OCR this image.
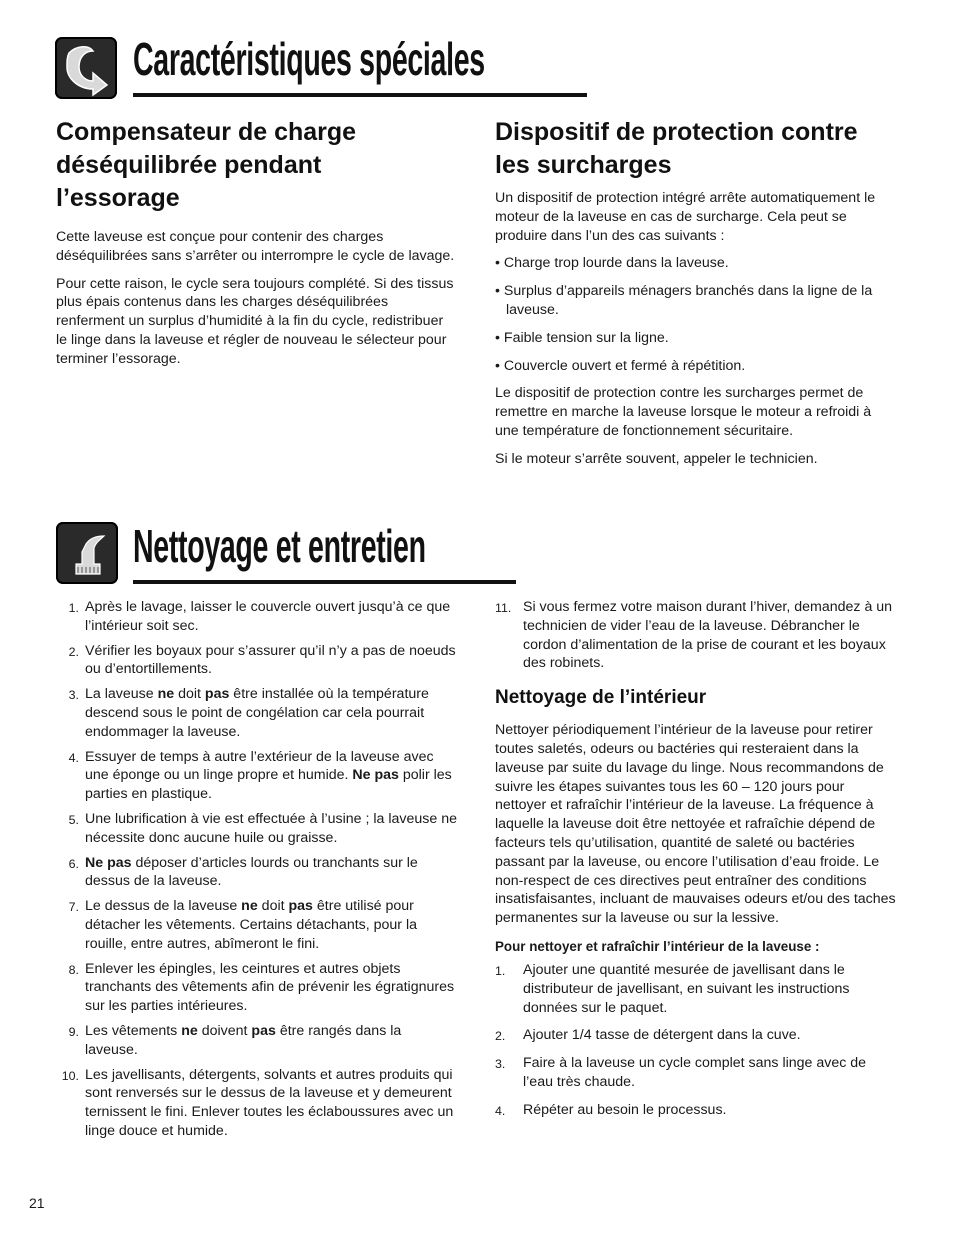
Caractéristiques spéciales
Compensateur de charge
déséquilibrée pendant
l’essorage

Cette laveuse est conçue pour contenir des charges déséquilibrées sans s’arrêter ou interrompre le cycle de lavage.

Pour cette raison, le cycle sera toujours complété. Si des tissus plus épais contenus dans les charges déséquilibrées renferment un surplus d’humidité à la fin du cycle, redistribuer le linge dans la laveuse et régler de nouveau le sélecteur pour terminer l’essorage.

Dispositif de protection contre
les surcharges

Un dispositif de protection intégré arrête automatiquement le moteur de la laveuse en cas de surcharge. Cela peut se produire dans l’un des cas suivants :

• Charge trop lourde dans la laveuse.
• Surplus d’appareils ménagers branchés dans la ligne de la laveuse.
• Faible tension sur la ligne.
• Couvercle ouvert et fermé à répétition.

Le dispositif de protection contre les surcharges permet de remettre en marche la laveuse lorsque le moteur a refroidi à une température de fonctionnement sécuritaire.

Si le moteur s’arrête souvent, appeler le technicien.

Nettoyage et entretien
1. Après le lavage, laisser le couvercle ouvert jusqu’à ce que l’intérieur soit sec.
2. Vérifier les boyaux pour s’assurer qu’il n’y a pas de noeuds ou d’entortillements.
3. La laveuse ne doit pas être installée où la température descend sous le point de congélation car cela pourrait endommager la laveuse.
4. Essuyer de temps à autre l’extérieur de la laveuse avec une éponge ou un linge propre et humide. Ne pas polir les parties en plastique.
5. Une lubrification à vie est effectuée à l’usine ; la laveuse ne nécessite donc aucune huile ou graisse.
6. Ne pas déposer d’articles lourds ou tranchants sur le dessus de la laveuse.
7. Le dessus de la laveuse ne doit pas être utilisé pour détacher les vêtements. Certains détachants, pour la rouille, entre autres, abîmeront le fini.
8. Enlever les épingles, les ceintures et autres objets tranchants des vêtements afin de prévenir les égratignures sur les parties intérieures.
9. Les vêtements ne doivent pas être rangés dans la laveuse.
10. Les javellisants, détergents, solvants et autres produits qui sont renversés sur le dessus de la laveuse et y demeurent ternissent le fini. Enlever toutes les éclaboussures avec un linge douce et humide.
11. Si vous fermez votre maison durant l’hiver, demandez à un technicien de vider l’eau de la laveuse. Débrancher le cordon d’alimentation de la prise de courant et les boyaux des robinets.
Nettoyage de l’intérieur

Nettoyer périodiquement l’intérieur de la laveuse pour retirer toutes saletés, odeurs ou bactéries qui resteraient dans la laveuse par suite du lavage du linge. Nous recommandons de suivre les étapes suivantes tous les 60 – 120 jours pour nettoyer et rafraîchir l’intérieur de la laveuse. La fréquence à laquelle la laveuse doit être nettoyée et rafraîchie dépend de facteurs tels qu’utilisation, quantité de saleté ou bactéries passant par la laveuse, ou encore l’utilisation d’eau froide. Le non-respect de ces directives peut entraîner des conditions insatisfaisantes, incluant de mauvaises odeurs et/ou des taches permanentes sur la laveuse ou sur la lessive.

Pour nettoyer et rafraîchir l’intérieur de la laveuse :
1.	Ajouter une quantité mesurée de javellisant dans le distributeur de javellisant, en suivant les instructions données sur le paquet.
2.	Ajouter 1/4 tasse de détergent dans la cuve.
3.	Faire à la laveuse un cycle complet sans linge avec de l’eau très chaude.
4.	Répéter au besoin le processus.
21
